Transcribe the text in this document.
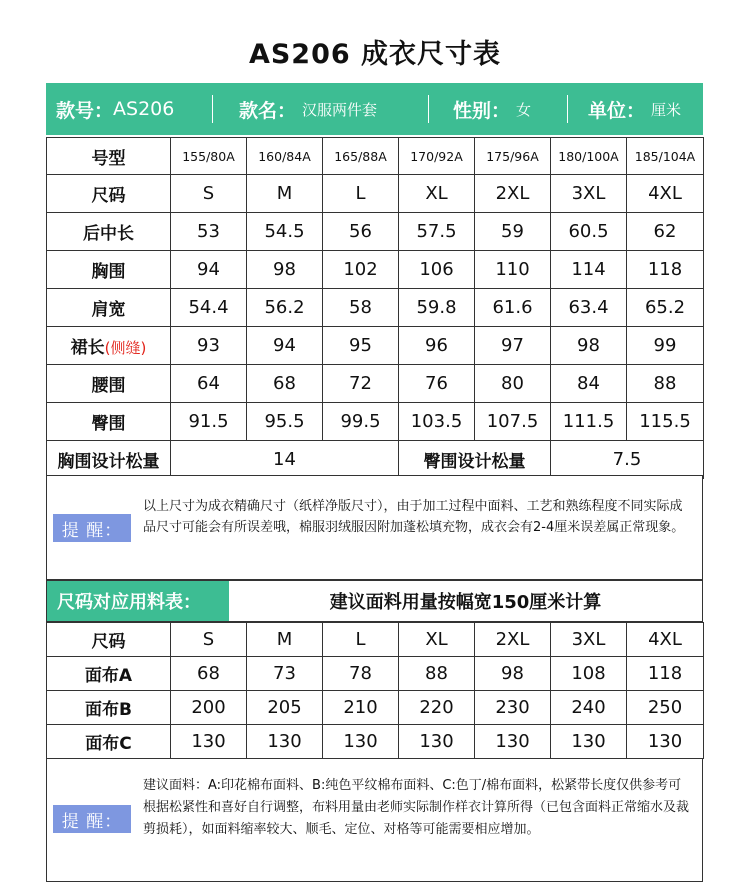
AS206 成衣尺寸表
款号： AS206	款名： 汉服两件套	性别： 女	单位： 厘米
号型	155/80A	160/84A	165/88A	170/92A	175/96A	180/100A	185/104A
尺码	S	M	L	XL	2XL	3XL	4XL
后中长	53	54.5	56	57.5	59	60.5	62
胸围	94	98	102	106	110	114	118
肩宽	54.4	56.2	58	59.8	61.6	63.4	65.2
裙长(侧缝)	93	94	95	96	97	98	99
腰围	64	68	72	76	80	84	88
臀围	91.5	95.5	99.5	103.5	107.5	111.5	115.5
胸围设计松量	14			臀围设计松量		7.5	
提 醒：
以上尺寸为成衣精确尺寸（纸样净版尺寸），由于加工过程中面料、工艺和熟练程度不同实际成品尺寸可能会有所误差哦，棉服羽绒服因附加蓬松填充物，成衣会有2-4厘米误差属正常现象。
尺码对应用料表：	建议面料用量按幅宽150厘米计算
尺码	S	M	L	XL	2XL	3XL	4XL
面布A	68	73	78	88	98	108	118
面布B	200	205	210	220	230	240	250
面布C	130	130	130	130	130	130	130
提 醒：
建议面料：A:印花棉布面料、B:纯色平纹棉布面料、C:色丁/棉布面料，松紧带长度仅供参考可根据松紧性和喜好自行调整，布料用量由老师实际制作样衣计算所得（已包含面料正常缩水及裁剪损耗），如面料缩率较大、顺毛、定位、对格等可能需要相应增加。
